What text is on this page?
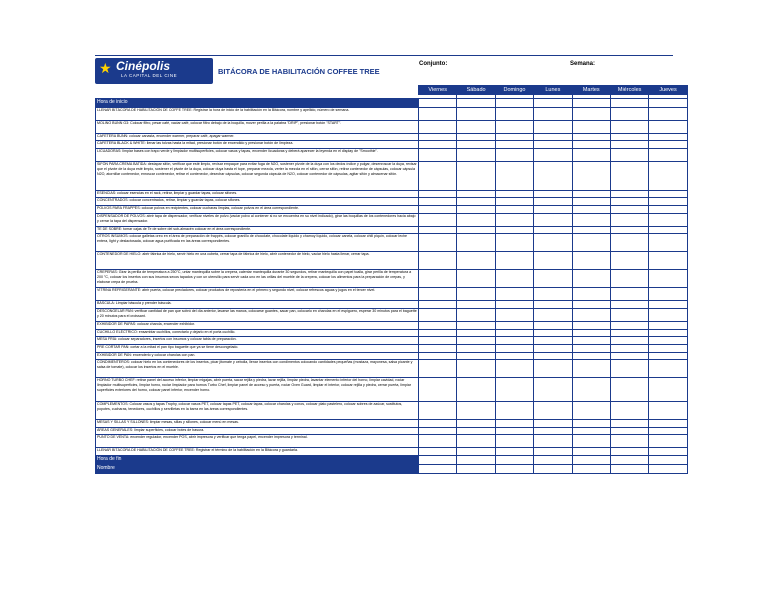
★ Cinépolis
LA CAPITAL DEL CINE	BITÁCORA DE HABILITACIÓN COFFEE TREE
Conjunto:	Semana:
	Viernes	Sábado	Domingo	Lunes	Martes	Miércoles	Jueves

Hora de inicio							
LLENAR BITÁCORA DE HABILITACIÓN DE COFFE TREE: Registrar la hora de inicio de la habilitación en la Bitácora, nombre y apellido, número de semana.							
MOLINO BUNN G3: Colocar filtro, pesar café, vaciar café, colocar filtro debajo de la boquilla, mover perilla a la palabra "DRIP", presionar botón "START".							
CAFETERA BUNN: colocar canasta, encender warmer, preparar café, apagar warmer.							
CAFETERA BLACK & WHITE: llenar las tolvas hasta la mitad, presionar botón de encendido y presionar botón de limpieza.							
LICUADORAS: limpiar bases con trapo verde y limpiador multisuperficies, colocar vasos y tapas, encender licuadoras y deberá aparecer la leyenda en el display de "Smoothie".							
SIFÓN PARA CREMA BATIDA: destapar sifón, verificar que esté limpio, revisar empaque para evitar fuga de N2O, sostener pivote de la duya con los dedos índice y pulgar, desenroscar la duya, revisar que el pivote de la duya esté limpio, sostener el pivote de la duya, colocar duya hasta el tope, preparar mezcla, verter la mezcla en el sifón, cerrar sifón, retirar contenedor de cápsulas, colocar cápsula N2O, atornillar contenedor, enroscar contenedor, retirar el contenedor, desechar cápsulas, colocar segunda cápsula de N2O, colocar contenedor de cápsulas, agitar sifón y almacenar sifón.							
ESENCIAS: colocar esencias en el rack, retirar, limpiar y guardar tapas, colocar sifones.							
CONCENTRADOS: colocar concentrados, retirar, limpiar y guardar tapas, colocar sifones.							
POLVOS PARA FRAPPÉS: colocar polvos en recipientes, colocar cucharas limpias, colocar polvos en el área correspondiente.							
DISPENSADOR DE POLVOS: abrir tapa de dispensador, verificar niveles de polvo (vaciar polvo al contener si no se encuentra en su nivel indicado), girar las boquillas de los contenedores hacia abajo y cerrar la tapa del dispensador.							
TE DE SOBRE: tomar cajas de Te de sobre del sub-almacén colocar en el área correspondiente.							
OTROS INSUMOS: colocar galletas oreo en el área de preparación de frappés, colocar granillo de chocolate, chocolate líquido y chamoy líquido, colocar canela, colocar chili piquín, colocar leche entera, light y deslactosada, colocar agua purificada en las áreas correspondientes.							
CONTENEDOR DE HIELO: abrir fábrica de hielo, servir hielo en una cubeta, cerrar tapa de fábrica de hielo, abrir contenedor de hielo, vaciar hielo hasta llenar, cerrar tapa.							
CREPERAS: Girar la perilla de temperatura a 250°C, untar mantequilla sobre la crepera, calentar mantequilla durante 30 segundos, retirar mantequilla con papel toalla, girar perilla de temperatura a 200 °C, colocar los insertos con sus insumos secos tapados y con un utensilio para servir cada uno en las orillas del mueble de la crepera, colocar los alimentos para la preparación de crepas, y elaborar crepa de prueba.							
VITRINA REFRIGERANTE: abrir puerta, colocar precladores, colocar productos de repostería en el primero y segundo nivel, colocar refrescos aguas y jugos en el tercer nivel.							
BÁSCULA: Limpiar báscula y prender báscula.							
DESCONGELAR PAN: verificar cantidad de pan que sobró del día anterior, lavarse las manos, colocarse guantes, sacar pan, colocarlo en charolas en el espiguero, esperar 30 minutos para el baguette y 20 minutos para el croissant.							
EXHIBIDOR DE PAPAS: colocar charola, encender exhibidor.							
CUCHILLO ELÉCTRICO: ensamblar cuchillos, conectarlo y dejarlo en el porta cuchillo.							
MESA FRÍA: colocar separadores, insertos con insumos y colocar tabla de preparación.							
PRE CORTAR PAN: cortar a la mitad el pan tipo baguette que ya se tiene descongelado.							
EXHIBIDOR DE PAN: encenderlo y colocar charolas con pan.							
CONDIMENTEROS: colocar hielo en los contenedores de los insertos, picar jitomate y cebolla, llenar insertos con condimentos colocando cantidades pequeñas (mostaza, mayonesa, salsa picante y salsa de tomate), colocar los insertos en el mueble.							
HORNO TURBO CHEF: retirar panel del acceso inferior, limpiar migajas, abrir puerta, sacar rejilla y piedra, lavar rejilla, limpiar piedra, lavantar elemento inferior del horno, limpiar cavidad, rociar limpiador multisuperficies, limpiar horno, rociar limpiador para hornos Turbo Chef, limpiar panel de acceso y puerta, rociar Oven Guard, limpiar el interior, colocar rejilla y piedra, cerrar puerta, limpiar superficies exteriores del horno, colocar panel inferior, encender horno.							
COMPLEMENTOS: Colocar vasos y tapas Trophy, colocar vasos PET, colocar tapas PET, colocar tapas, colocar charolas y conos, colocar plato pastelero, colocar sobres de azúcar, sustitutos, popotes, cucharas, tenedores, cuchillos y servilletas en la barra en las áreas correspondientes.							
MESAS Y SILLAS Y SILLONES: limpiar mesas, sillas y sillones, colocar menú en mesas.							
ÁREAS GENERALES: limpiar superficies, colocar botes de basura.							
PUNTO DE VENTA: encender regulador, encender POS, abrir impresora y verificar que tenga papel, encender impresora y terminal.							
LLENAR BITÁCORA DE HABILITACIÓN DE COFFEE TREE: Registrar el término de la habilitación en la Bitácora y guardarla.							
Hora de fin							
Nombre							
